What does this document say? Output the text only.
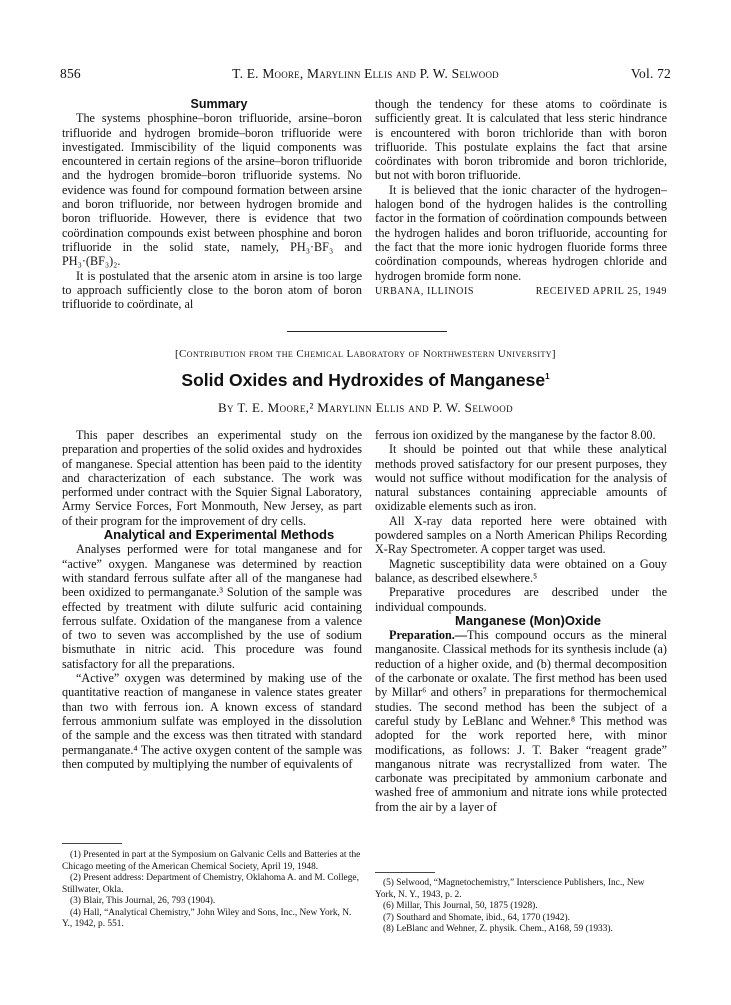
856	T. E. Moore, Marylinn Ellis and P. W. Selwood	Vol. 72

Summary

The systems phosphine–boron trifluoride, arsine–boron trifluoride and hydrogen bromide–boron trifluoride were investigated. Immiscibility of the liquid components was encountered in certain regions of the arsine–boron trifluoride and the hydrogen bromide–boron trifluoride systems. No evidence was found for compound formation between arsine and boron trifluoride, nor between hydrogen bromide and boron trifluoride. However, there is evidence that two coördination compounds exist between phosphine and boron trifluoride in the solid state, namely, PH₃·BF₃ and PH₃·(BF₃)₂.

It is postulated that the arsenic atom in arsine is too large to approach sufficiently close to the boron atom of boron trifluoride to coördinate, al

though the tendency for these atoms to coördinate is sufficiently great. It is calculated that less steric hindrance is encountered with boron trichloride than with boron trifluoride. This postulate explains the fact that arsine coördinates with boron tribromide and boron trichloride, but not with boron trifluoride.

It is believed that the ionic character of the hydrogen–halogen bond of the hydrogen halides is the controlling factor in the formation of coördination compounds between the hydrogen halides and boron trifluoride, accounting for the fact that the more ionic hydrogen fluoride forms three coördination compounds, whereas hydrogen chloride and hydrogen bromide form none.

URBANA, ILLINOIS	RECEIVED APRIL 25, 1949
[Contribution from the Chemical Laboratory of Northwestern University]
Solid Oxides and Hydroxides of Manganese$^1$
By T. E. Moore,² Marylinn Ellis and P. W. Selwood

This paper describes an experimental study on the preparation and properties of the solid oxides and hydroxides of manganese. Special attention has been paid to the identity and characterization of each substance. The work was performed under contract with the Squier Signal Laboratory, Army Service Forces, Fort Monmouth, New Jersey, as part of their program for the improvement of dry cells.

Analytical and Experimental Methods

Analyses performed were for total manganese and for “active” oxygen. Manganese was determined by reaction with standard ferrous sulfate after all of the manganese had been oxidized to permanganate.³ Solution of the sample was effected by treatment with dilute sulfuric acid containing ferrous sulfate. Oxidation of the manganese from a valence of two to seven was accomplished by the use of sodium bismuthate in nitric acid. This procedure was found satisfactory for all the preparations.

“Active” oxygen was determined by making use of the quantitative reaction of manganese in valence states greater than two with ferrous ion. A known excess of standard ferrous ammonium sulfate was employed in the dissolution of the sample and the excess was then titrated with standard permanganate.⁴ The active oxygen content of the sample was then computed by multiplying the number of equivalents of

ferrous ion oxidized by the manganese by the factor 8.00.

It should be pointed out that while these analytical methods proved satisfactory for our present purposes, they would not suffice without modification for the analysis of natural substances containing appreciable amounts of oxidizable elements such as iron.

All X-ray data reported here were obtained with powdered samples on a North American Philips Recording X-Ray Spectrometer. A copper target was used.

Magnetic susceptibility data were obtained on a Gouy balance, as described elsewhere.⁵

Preparative procedures are described under the individual compounds.

Manganese (Mon)Oxide

Preparation.—This compound occurs as the mineral manganosite. Classical methods for its synthesis include (a) reduction of a higher oxide, and (b) thermal decomposition of the carbonate or oxalate. The first method has been used by Millar⁶ and others⁷ in preparations for thermochemical studies. The second method has been the subject of a careful study by LeBlanc and Wehner.⁸ This method was adopted for the work reported here, with minor modifications, as follows: J. T. Baker “reagent grade” manganous nitrate was recrystallized from water. The carbonate was precipitated by ammonium carbonate and washed free of ammonium and nitrate ions while protected from the air by a layer of

(1) Presented in part at the Symposium on Galvanic Cells and Batteries at the Chicago meeting of the American Chemical Society, April 19, 1948.

(2) Present address: Department of Chemistry, Oklahoma A. and M. College, Stillwater, Okla.

(3) Blair, This Journal, 26, 793 (1904).

(4) Hall, “Analytical Chemistry,” John Wiley and Sons, Inc., New York, N. Y., 1942, p. 551.

(5) Selwood, “Magnetochemistry,” Interscience Publishers, Inc., New York, N. Y., 1943, p. 2.

(6) Millar, This Journal, 50, 1875 (1928).

(7) Southard and Shomate, ibid., 64, 1770 (1942).

(8) LeBlanc and Wehner, Z. physik. Chem., A168, 59 (1933).
